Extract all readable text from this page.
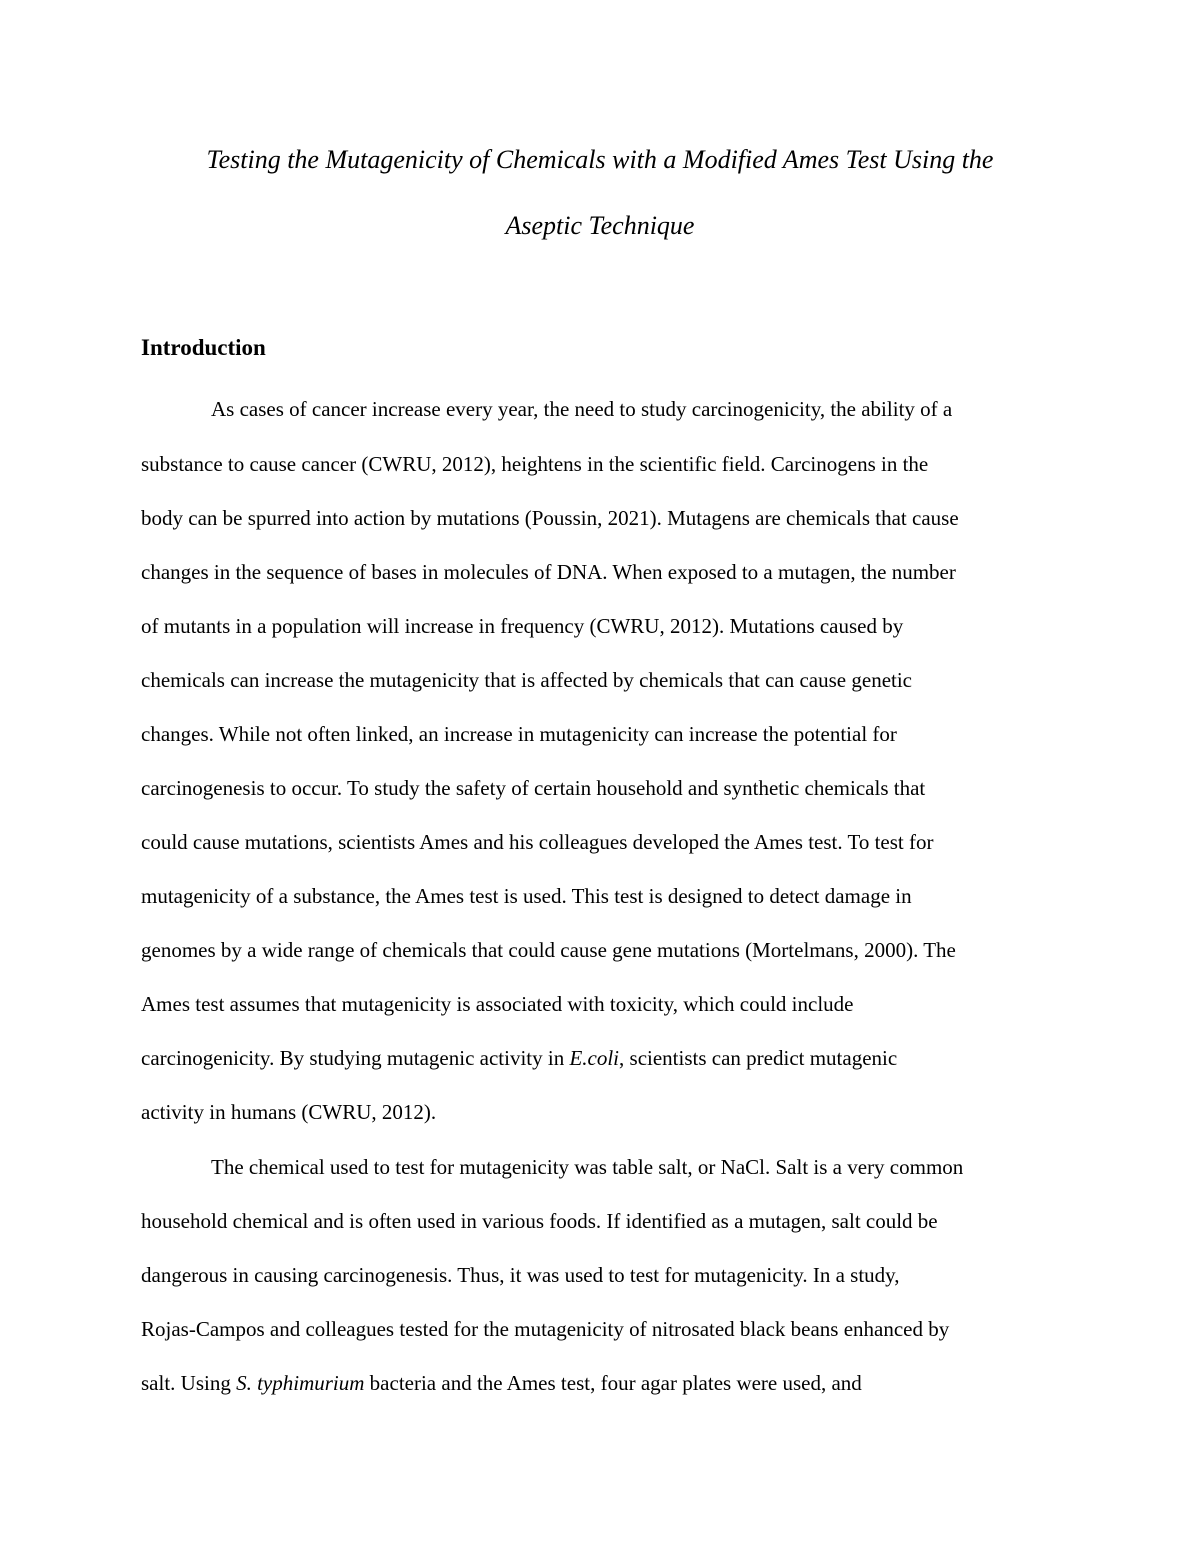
Testing the Mutagenicity of Chemicals with a Modified Ames Test Using the
Aseptic Technique
Introduction
As cases of cancer increase every year, the need to study carcinogenicity, the ability of a
substance to cause cancer (CWRU, 2012), heightens in the scientific field. Carcinogens in the
body can be spurred into action by mutations (Poussin, 2021). Mutagens are chemicals that cause
changes in the sequence of bases in molecules of DNA. When exposed to a mutagen, the number
of mutants in a population will increase in frequency (CWRU, 2012). Mutations caused by
chemicals can increase the mutagenicity that is affected by chemicals that can cause genetic
changes. While not often linked, an increase in mutagenicity can increase the potential for
carcinogenesis to occur. To study the safety of certain household and synthetic chemicals that
could cause mutations, scientists Ames and his colleagues developed the Ames test. To test for
mutagenicity of a substance, the Ames test is used. This test is designed to detect damage in
genomes by a wide range of chemicals that could cause gene mutations (Mortelmans, 2000). The
Ames test assumes that mutagenicity is associated with toxicity, which could include
carcinogenicity. By studying mutagenic activity in E.coli, scientists can predict mutagenic
activity in humans (CWRU, 2012).
The chemical used to test for mutagenicity was table salt, or NaCl. Salt is a very common
household chemical and is often used in various foods. If identified as a mutagen, salt could be
dangerous in causing carcinogenesis. Thus, it was used to test for mutagenicity. In a study,
Rojas-Campos and colleagues tested for the mutagenicity of nitrosated black beans enhanced by
salt. Using S. typhimurium bacteria and the Ames test, four agar plates were used, and
